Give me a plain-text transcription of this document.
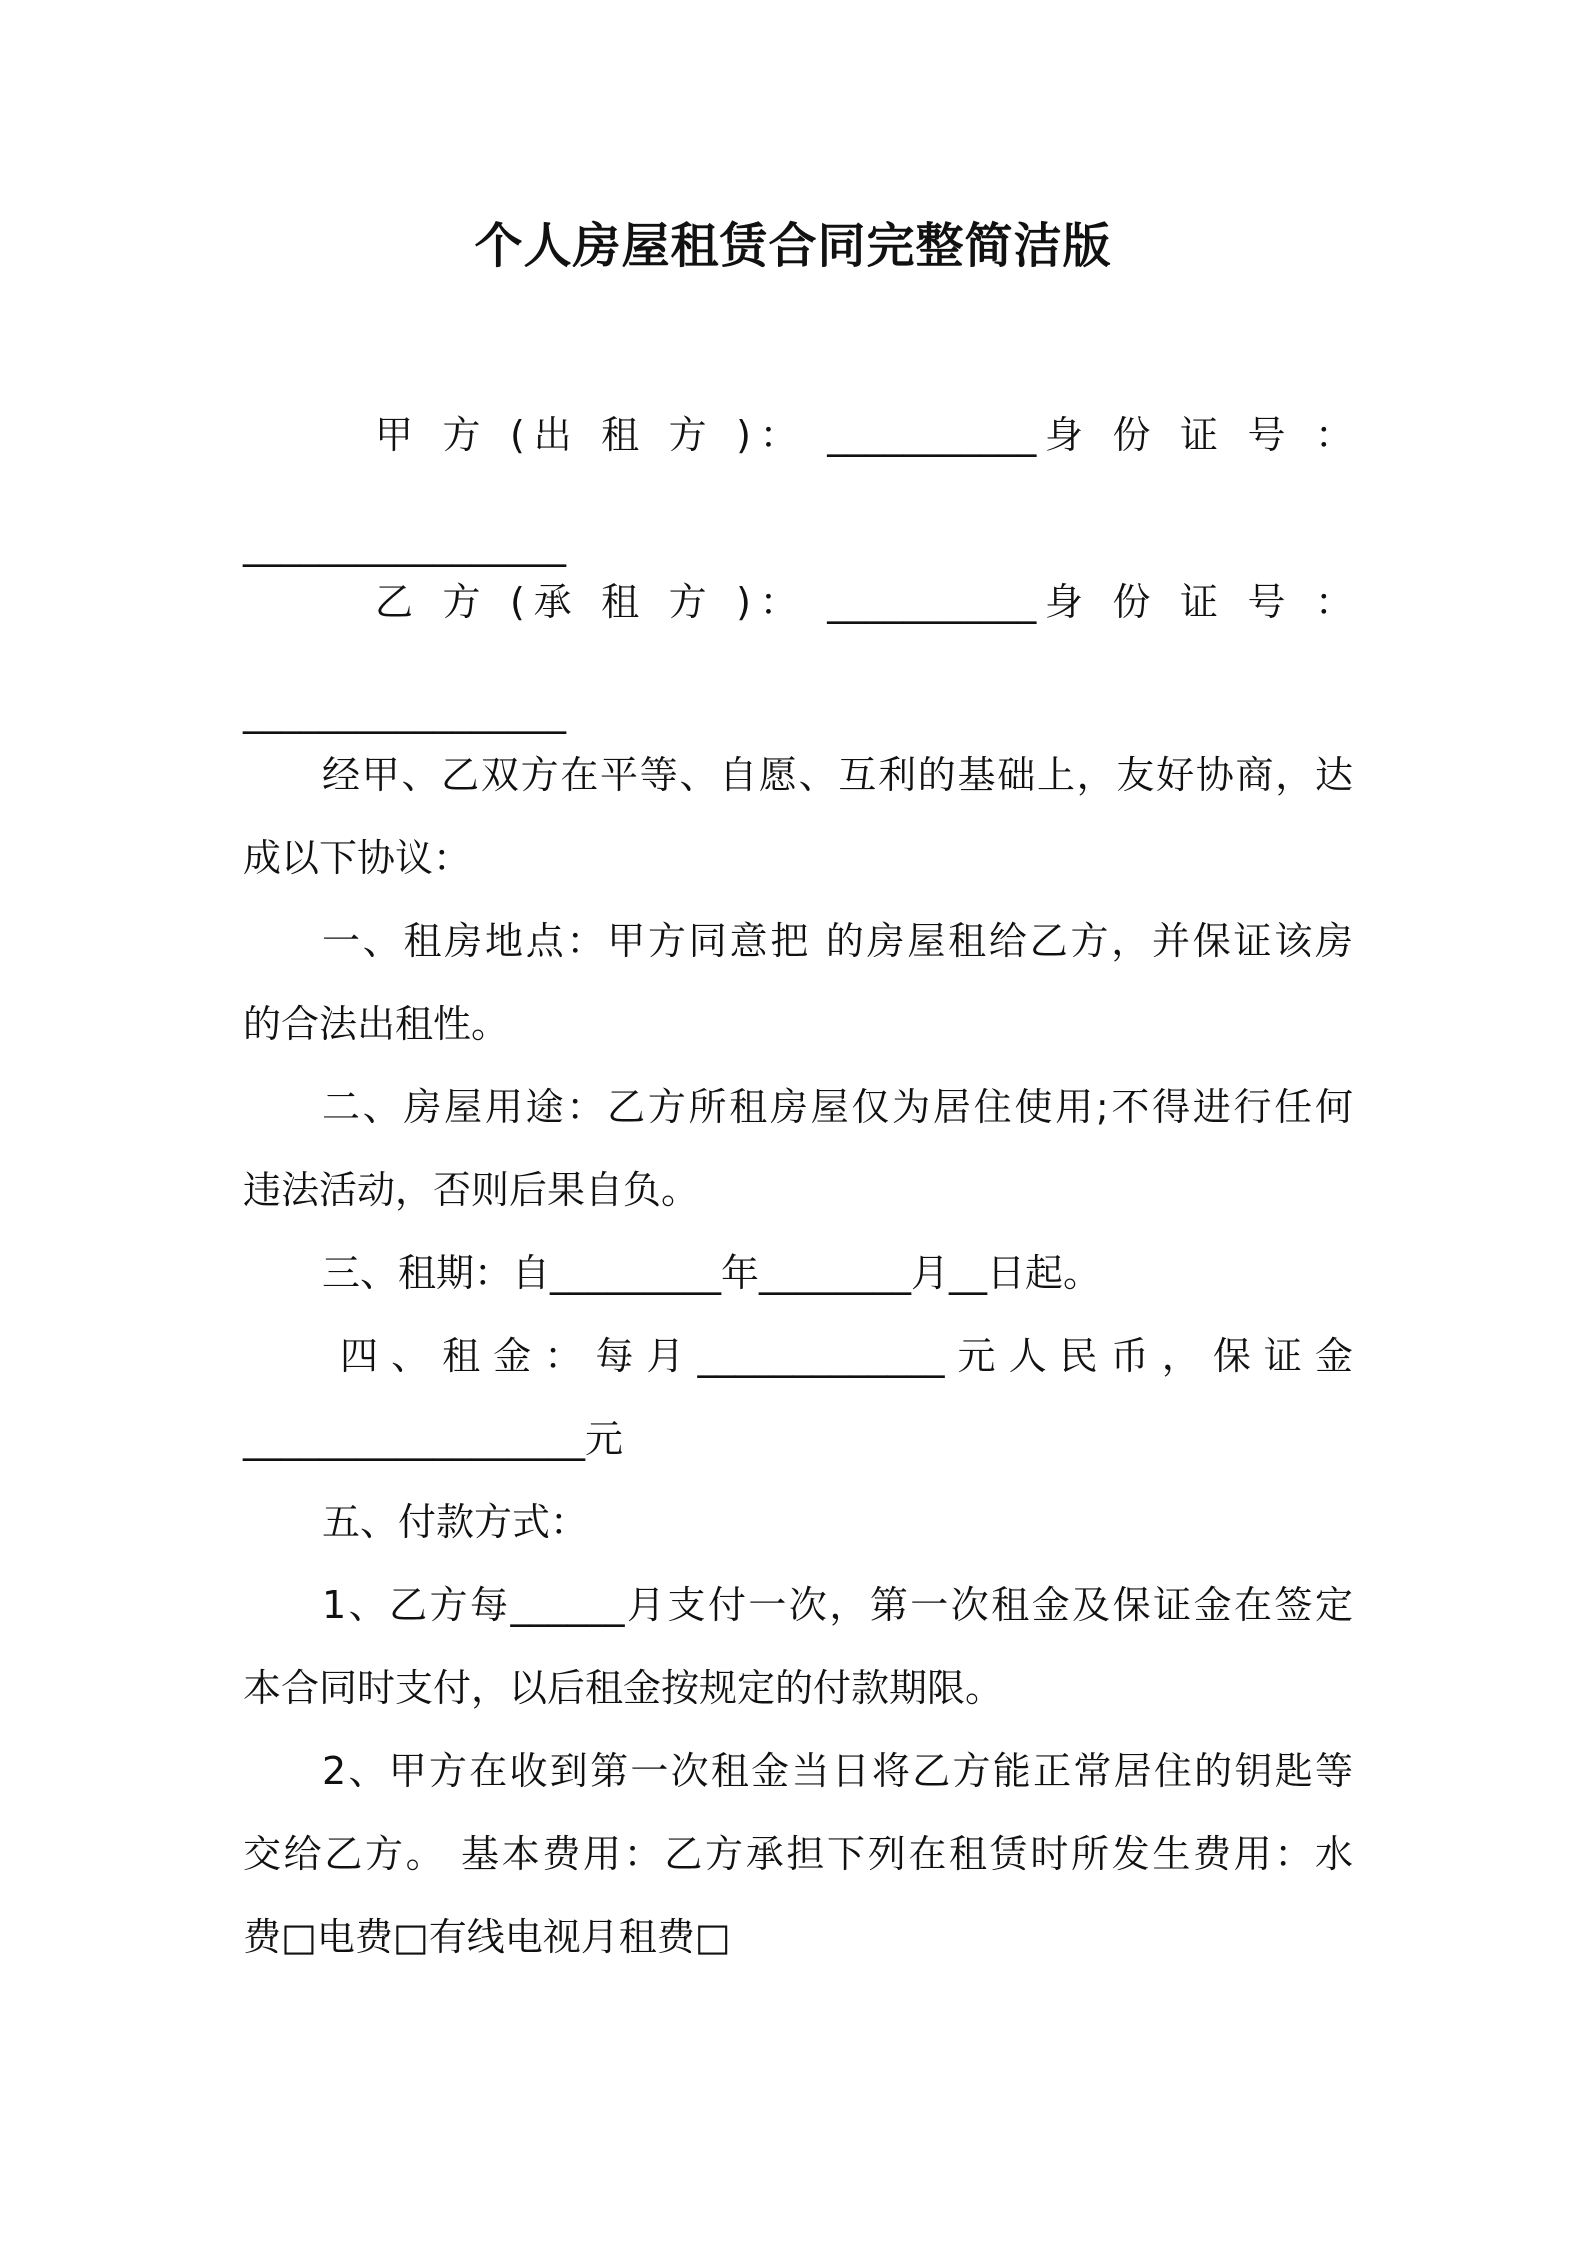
个人房屋租赁合同完整简洁版
甲 方 (出 租 方 )： ___________身 份 证 号 ：
_________________
乙 方 (承 租 方 )： ___________身 份 证 号 ：
_________________
经甲、乙双方在平等、自愿、互利的基础上，友好协商，达
成以下协议：
一、租房地点：甲方同意把 的房屋租给乙方，并保证该房
的合法出租性。
二、房屋用途：乙方所租房屋仅为居住使用;不得进行任何
违法活动，否则后果自负。
三、租期：自_________年________月__日起。
四、租金：每月_____________元人民币，保证金
__________________元
五、付款方式：
1、乙方每______月支付一次，第一次租金及保证金在签定
本合同时支付，以后租金按规定的付款期限。
2、甲方在收到第一次租金当日将乙方能正常居住的钥匙等
交给乙方。 基本费用：乙方承担下列在租赁时所发生费用：水
费□电费□有线电视月租费□
